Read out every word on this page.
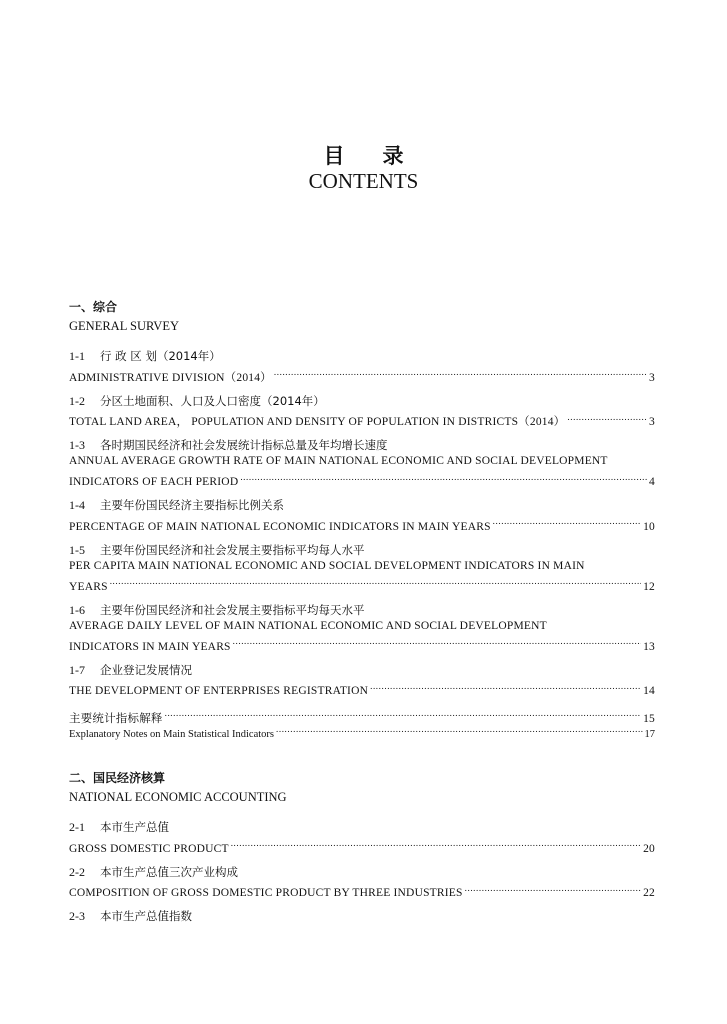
目录
CONTENTS
一、综合
GENERAL SURVEY
1-1 行 政 区 划（2014年）
ADMINISTRATIVE DIVISION（2014） .....	3
1-2 分区土地面积、人口及人口密度（2014年）
TOTAL LAND AREA， POPULATION AND DENSITY OF POPULATION IN DISTRICTS（2014） .....	3
1-3 各时期国民经济和社会发展统计指标总量及年均增长速度
ANNUAL AVERAGE GROWTH RATE OF MAIN NATIONAL ECONOMIC AND SOCIAL DEVELOPMENT
INDICATORS OF EACH PERIOD .....	4
1-4 主要年份国民经济主要指标比例关系
PERCENTAGE OF MAIN NATIONAL ECONOMIC INDICATORS IN MAIN YEARS .....	10
1-5 主要年份国民经济和社会发展主要指标平均每人水平
PER CAPITA MAIN NATIONAL ECONOMIC AND SOCIAL DEVELOPMENT INDICATORS IN MAIN
YEARS .....	12
1-6 主要年份国民经济和社会发展主要指标平均每天水平
AVERAGE DAILY LEVEL OF MAIN NATIONAL ECONOMIC AND SOCIAL DEVELOPMENT
INDICATORS IN MAIN YEARS .....	13
1-7 企业登记发展情况
THE DEVELOPMENT OF ENTERPRISES REGISTRATION .....	14
主要统计指标解释 .....	15
Explanatory Notes on Main Statistical Indicators .....	17
二、国民经济核算
NATIONAL ECONOMIC ACCOUNTING
2-1 本市生产总值
GROSS DOMESTIC PRODUCT .....	20
2-2 本市生产总值三次产业构成
COMPOSITION OF GROSS DOMESTIC PRODUCT BY THREE INDUSTRIES .....	22
2-3 本市生产总值指数
